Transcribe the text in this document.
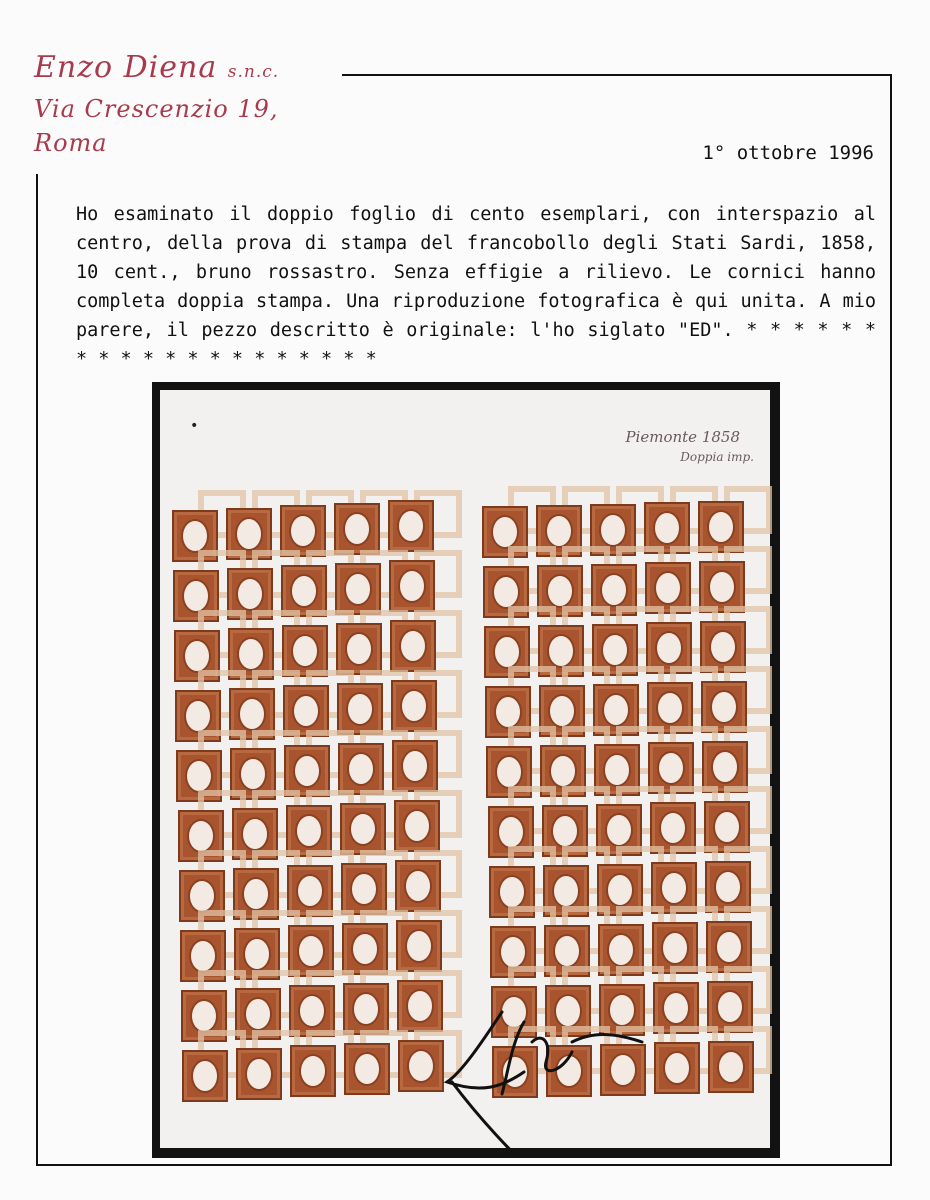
Enzo Diena s.n.c.
Via Crescenzio 19, Roma	1° ottobre 1996
Ho esaminato il doppio foglio di cento esemplari, con interspazio al centro, della prova di stampa del francobollo degli Stati Sardi, 1858, 10 cent., bruno rossastro. Senza effigie a rilievo. Le cornici hanno completa doppia stampa. Una riproduzione fotografica è qui unita. A mio parere, il pezzo descritto è originale: l'ho siglato "ED". * * * * * * * * * * * * * * * * * * * *
•
Piemonte 1858
Doppia imp.
